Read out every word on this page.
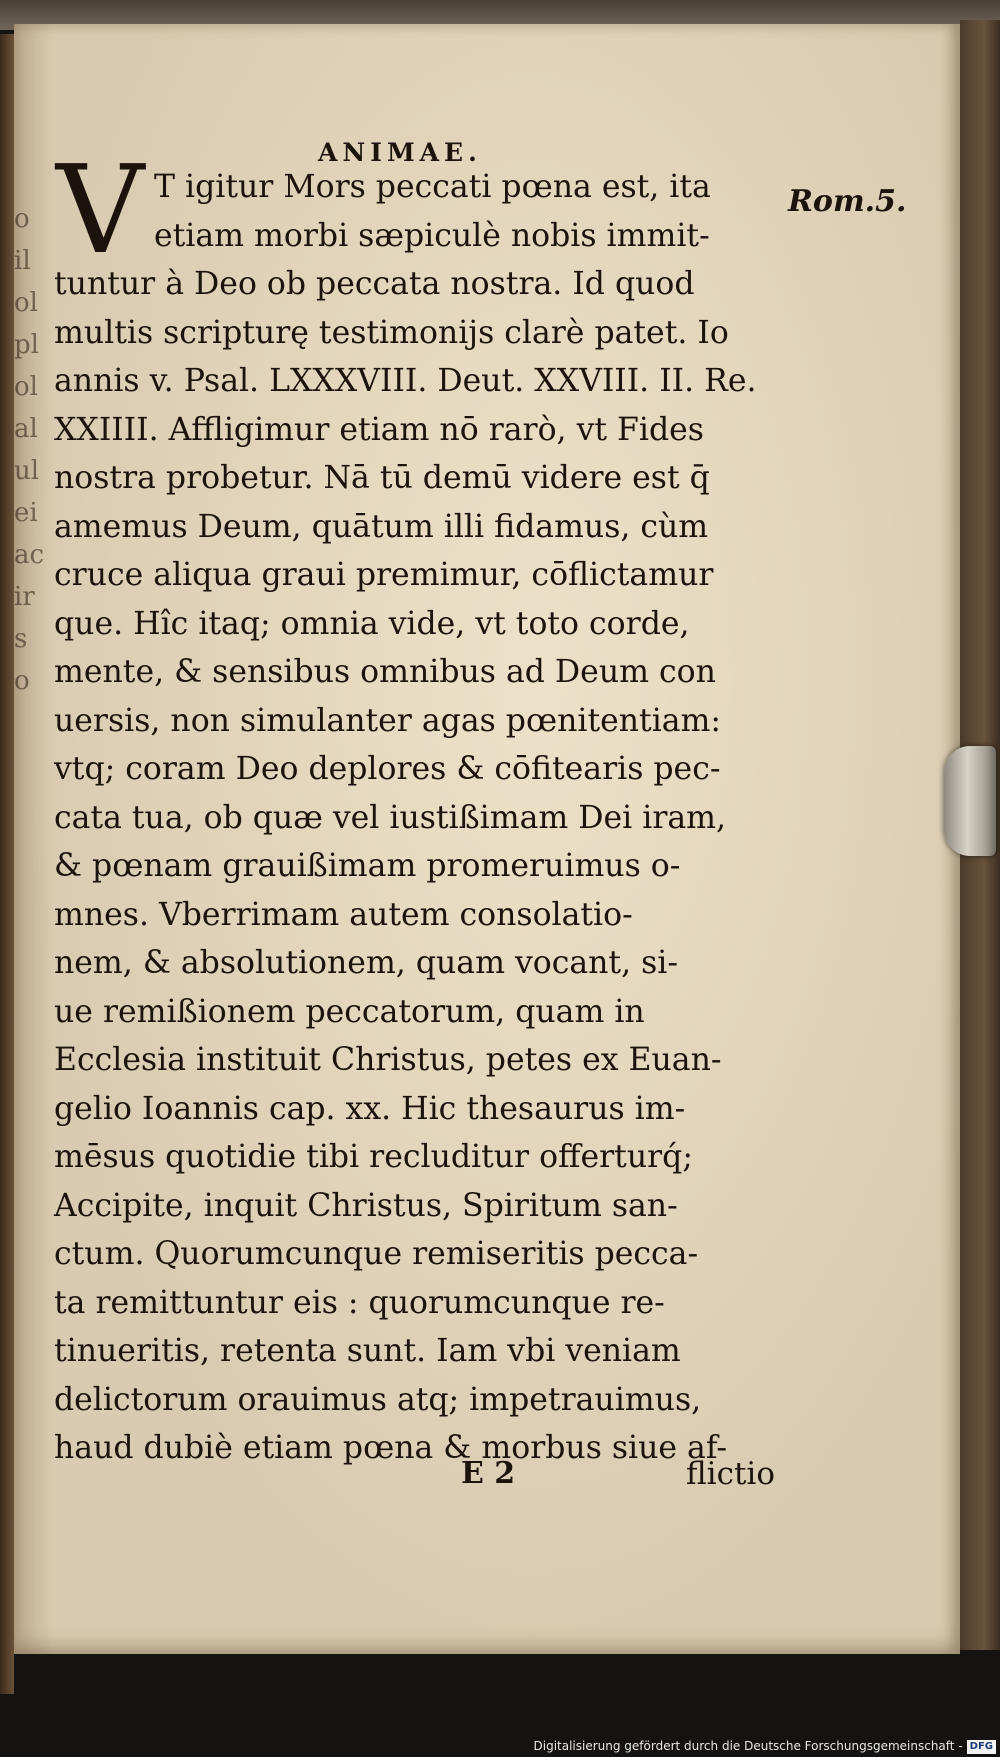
o
il
ol
pl
ol
al
ul
ei
ac
ir
s
o
ANIMAE.
Rom.5.
V T igitur Mors peccati pœna est, ita
etiam morbi sæpiculè nobis immit-
tuntur à Deo ob peccata nostra. Id quod
multis scripturę testimonijs clarè patet. Io
annis v. Psal. LXXXVIII. Deut. XXVIII. II. Re.
XXIIII. Affligimur etiam nō rarò, vt Fides
nostra probetur. Nā tū demū videre est q̄
amemus Deum, quātum illi fidamus, cùm
cruce aliqua graui premimur, cōflictamur
que. Hîc itaq; omnia vide, vt toto corde,
mente, & sensibus omnibus ad Deum con
uersis, non simulanter agas pœnitentiam:
vtq; coram Deo deplores & cōfitearis pec-
cata tua, ob quæ vel iustißimam Dei iram,
& pœnam grauißimam promeruimus o-
mnes. Vberrimam autem consolatio-
nem, & absolutionem, quam vocant, si-
ue remißionem peccatorum, quam in
Ecclesia instituit Christus, petes ex Euan-
gelio Ioannis cap. xx. Hic thesaurus im-
mēsus quotidie tibi recluditur offerturq́;
Accipite, inquit Christus, Spiritum san-
ctum. Quorumcunque remiseritis pecca-
ta remittuntur eis : quorumcunque re-
tinueritis, retenta sunt. Iam vbi veniam
delictorum orauimus atq; impetrauimus,
haud dubiè etiam pœna & morbus siue af-
E 2	flictio
Digitalisierung gefördert durch die Deutsche Forschungsgemeinschaft - DFG
